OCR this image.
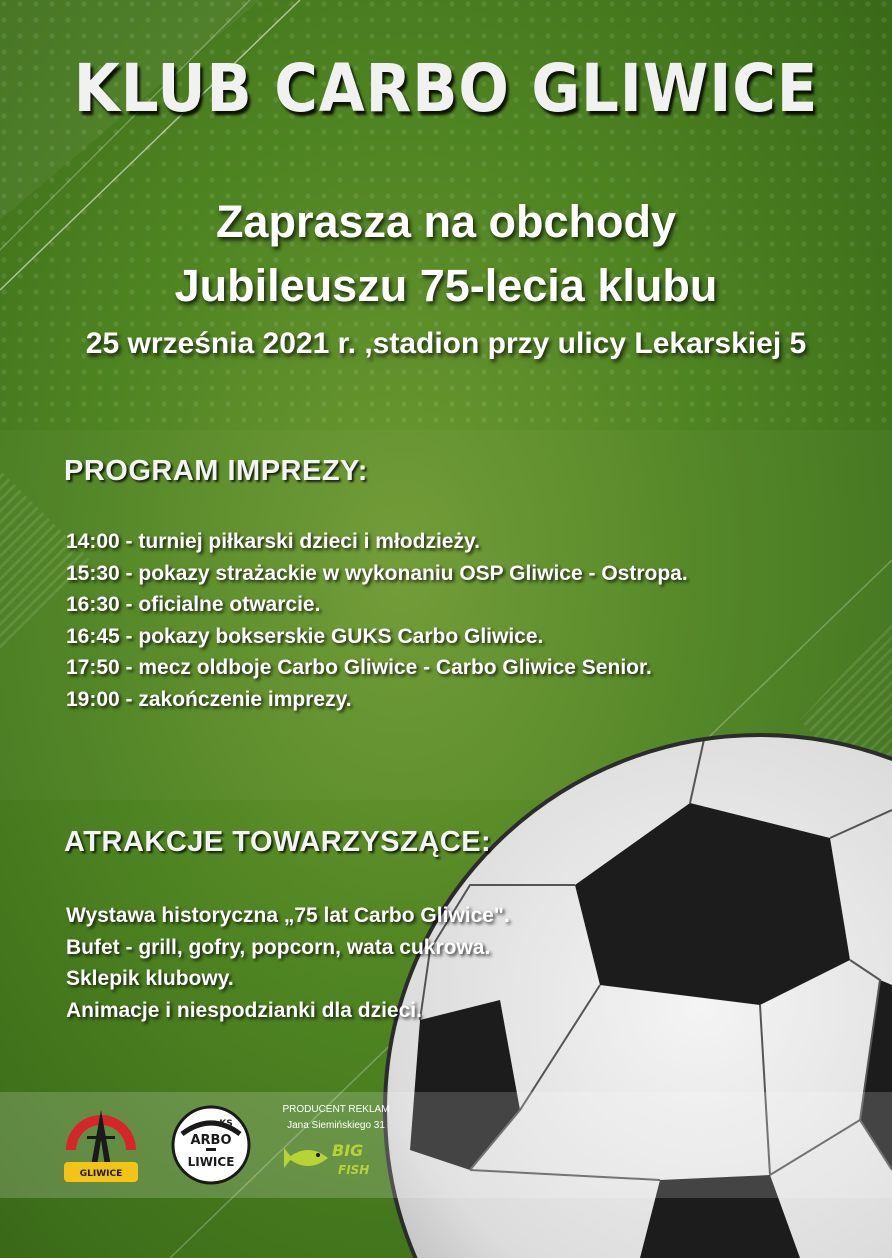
KLUB CARBO GLIWICE
Zaprasza na obchody
Jubileuszu 75-lecia klubu
25 września 2021 r. ,stadion przy ulicy Lekarskiej 5
PROGRAM IMPREZY:
14:00 - turniej piłkarski dzieci i młodzieży.
15:30 - pokazy strażackie w wykonaniu OSP Gliwice - Ostropa.
16:30 - oficialne otwarcie.
16:45 - pokazy bokserskie GUKS Carbo Gliwice.
17:50 - mecz oldboje Carbo Gliwice - Carbo Gliwice Senior.
19:00 - zakończenie imprezy.
ATRAKCJE TOWARZYSZĄCE:
Wystawa historyczna „75 lat Carbo Gliwice".
Bufet - grill, gofry, popcorn, wata cukrowa.
Sklepik klubowy.
Animacje i niespodzianki dla dzieci.
GLIWICE
KS
ARBO
LIWICE
PRODUCENT REKLAM
Jana Siemińskiego 31
BIG
FISH
